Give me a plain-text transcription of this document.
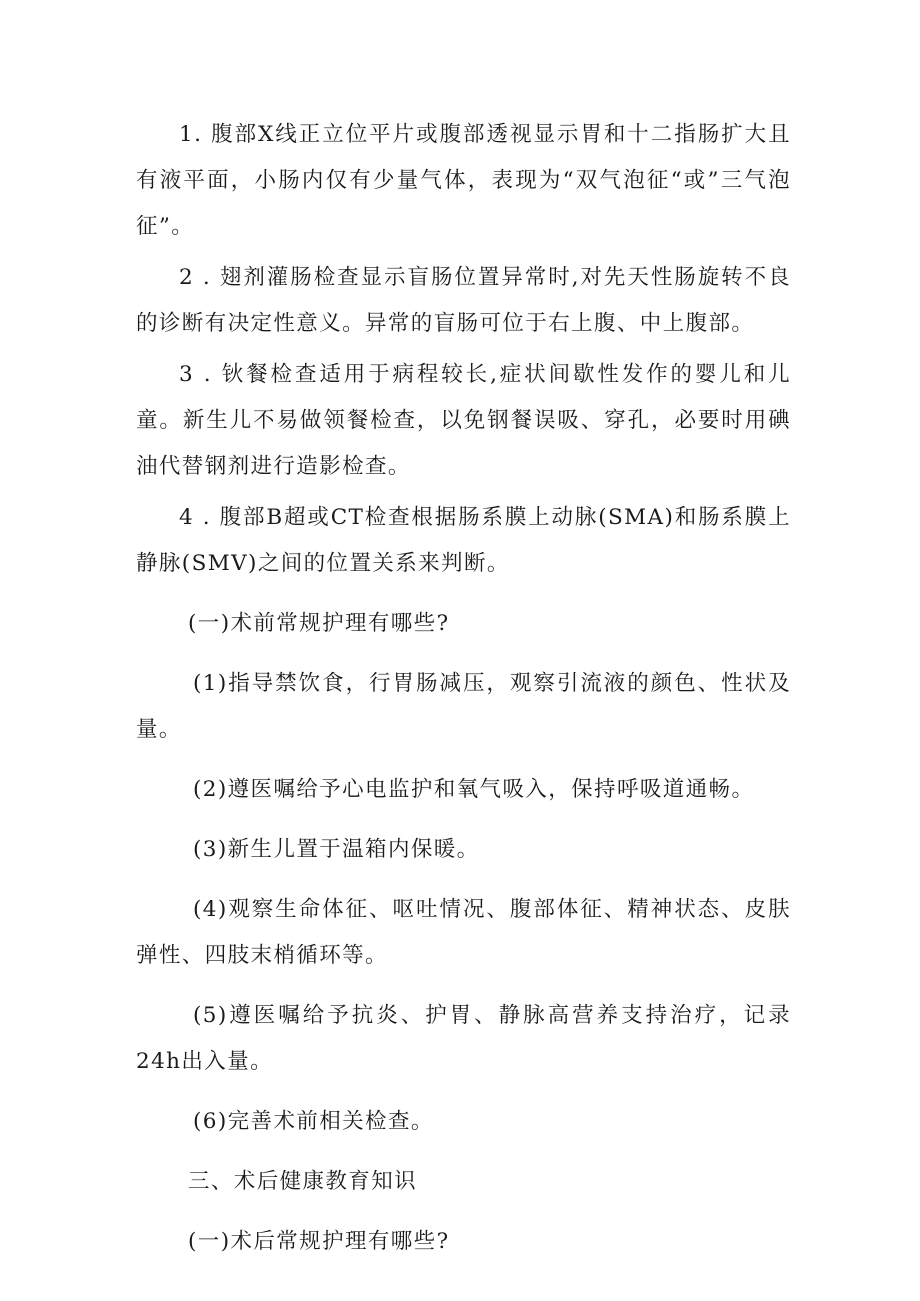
1. 腹部X线正立位平片或腹部透视显示胃和十二指肠扩大且有液平面，小肠内仅有少量气体，表现为“双气泡征“或”三气泡征”。

2 . 翅剂灌肠检查显示盲肠位置异常时,对先天性肠旋转不良的诊断有决定性意义。异常的盲肠可位于右上腹、中上腹部。

3 . 钬餐检查适用于病程较长,症状间歇性发作的婴儿和儿童。新生儿不易做领餐检查，以免钢餐误吸、穿孔，必要时用碘油代替钢剂进行造影检查。

4 . 腹部B超或CT检查根据肠系膜上动脉(SMA)和肠系膜上静脉(SMV)之间的位置关系来判断。

(一)术前常规护理有哪些?

(1)指导禁饮食，行胃肠减压，观察引流液的颜色、性状及量。

(2)遵医嘱给予心电监护和氧气吸入，保持呼吸道通畅。

(3)新生儿置于温箱内保暖。

(4)观察生命体征、呕吐情况、腹部体征、精神状态、皮肤弹性、四肢末梢循环等。

(5)遵医嘱给予抗炎、护胃、静脉高营养支持治疗，记录24h出入量。

(6)完善术前相关检查。

三、术后健康教育知识

(一)术后常规护理有哪些?
